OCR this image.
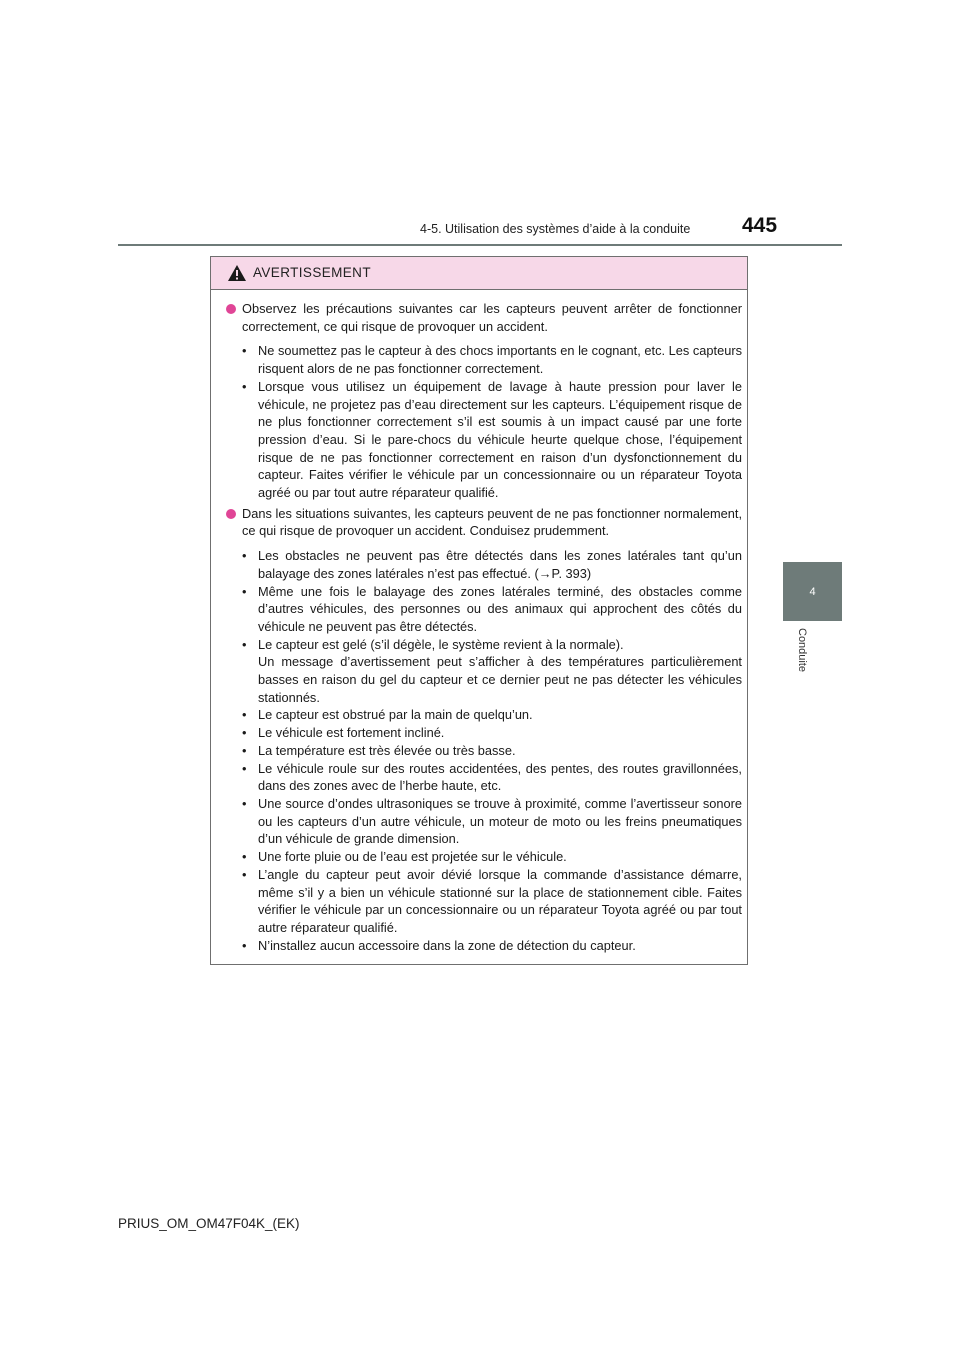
4-5. Utilisation des systèmes d’aide à la conduite 445
4
Conduite
AVERTISSEMENT
Observez les précautions suivantes car les capteurs peuvent arrêter de fonctionner correctement, ce qui risque de provoquer un accident.
• Ne soumettez pas le capteur à des chocs importants en le cognant, etc. Les capteurs risquent alors de ne pas fonctionner correctement.
• Lorsque vous utilisez un équipement de lavage à haute pression pour laver le véhicule, ne projetez pas d’eau directement sur les capteurs. L’équipement risque de ne plus fonctionner correctement s’il est soumis à un impact causé par une forte pression d’eau. Si le pare-chocs du véhicule heurte quelque chose, l’équipement risque de ne pas fonctionner correctement en raison d’un dysfonctionnement du capteur. Faites vérifier le véhicule par un concessionnaire ou un réparateur Toyota agréé ou par tout autre réparateur qualifié.
Dans les situations suivantes, les capteurs peuvent de ne pas fonctionner normalement, ce qui risque de provoquer un accident. Conduisez prudemment.
• Les obstacles ne peuvent pas être détectés dans les zones latérales tant qu’un balayage des zones latérales n’est pas effectué. (→P. 393)
• Même une fois le balayage des zones latérales terminé, des obstacles comme d’autres véhicules, des personnes ou des animaux qui approchent des côtés du véhicule ne peuvent pas être détectés.
• Le capteur est gelé (s’il dégèle, le système revient à la normale).
Un message d’avertissement peut s’afficher à des températures particulièrement basses en raison du gel du capteur et ce dernier peut ne pas détecter les véhicules stationnés.
• Le capteur est obstrué par la main de quelqu’un.
• Le véhicule est fortement incliné.
• La température est très élevée ou très basse.
• Le véhicule roule sur des routes accidentées, des pentes, des routes gravillonnées, dans des zones avec de l’herbe haute, etc.
• Une source d’ondes ultrasoniques se trouve à proximité, comme l’avertisseur sonore ou les capteurs d’un autre véhicule, un moteur de moto ou les freins pneumatiques d’un véhicule de grande dimension.
• Une forte pluie ou de l’eau est projetée sur le véhicule.
• L’angle du capteur peut avoir dévié lorsque la commande d’assistance démarre, même s’il y a bien un véhicule stationné sur la place de stationnement cible. Faites vérifier le véhicule par un concessionnaire ou un réparateur Toyota agréé ou par tout autre réparateur qualifié.
• N’installez aucun accessoire dans la zone de détection du capteur.
PRIUS_OM_OM47F04K_(EK)
